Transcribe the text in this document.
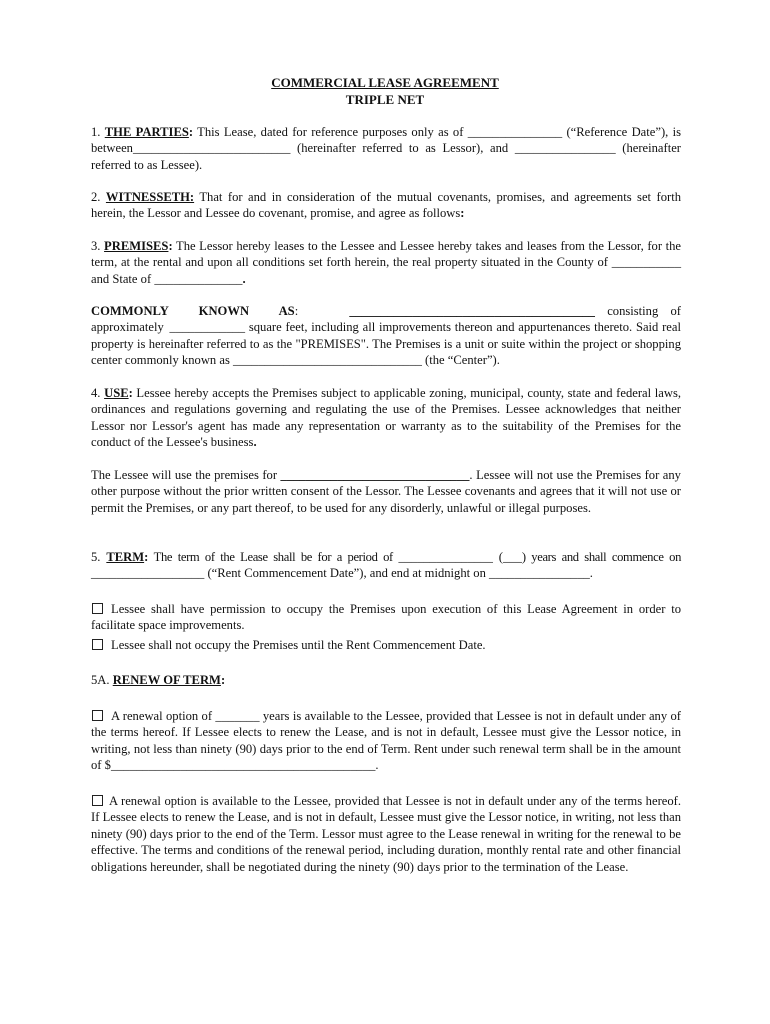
COMMERCIAL LEASE AGREEMENT
TRIPLE NET

1. THE PARTIES: This Lease, dated for reference purposes only as of _______________ (“Reference Date”), is between_________________________ (hereinafter referred to as Lessor), and ________________ (hereinafter referred to as Lessee).

2. WITNESSETH: That for and in consideration of the mutual covenants, promises, and agreements set forth herein, the Lessor and Lessee do covenant, promise, and agree as follows:

3. PREMISES: The Lessor hereby leases to the Lessee and Lessee hereby takes and leases from the Lessor, for the term, at the rental and upon all conditions set forth herein, the real property situated in the County of ___________ and State of ______________.

COMMONLY KNOWN AS:	_______________________________________ consisting of approximately ____________ square feet, including all improvements thereon and appurtenances thereto. Said real property is hereinafter referred to as the "PREMISES". The Premises is a unit or suite within the project or shopping center commonly known as ______________________________ (the “Center”).

4. USE: Lessee hereby accepts the Premises subject to applicable zoning, municipal, county, state and federal laws, ordinances and regulations governing and regulating the use of the Premises. Lessee acknowledges that neither Lessor nor Lessor's agent has made any representation or warranty as to the suitability of the Premises for the conduct of the Lessee's business.

The Lessee will use the premises for ______________________________. Lessee will not use the Premises for any other purpose without the prior written consent of the Lessor. The Lessee covenants and agrees that it will not use or permit the Premises, or any part thereof, to be used for any disorderly, unlawful or illegal purposes.

5. TERM: The term of the Lease shall be for a period of _______________ (___) years and shall commence on __________________ (“Rent Commencement Date”), and end at midnight on ________________.

Lessee shall have permission to occupy the Premises upon execution of this Lease Agreement in order to facilitate space improvements.

Lessee shall not occupy the Premises until the Rent Commencement Date.

5A. RENEW OF TERM:

A renewal option of _______ years is available to the Lessee, provided that Lessee is not in default under any of the terms hereof. If Lessee elects to renew the Lease, and is not in default, Lessee must give the Lessor notice, in writing, not less than ninety (90) days prior to the end of Term. Rent under such renewal term shall be in the amount of $__________________________________________.

A renewal option is available to the Lessee, provided that Lessee is not in default under any of the terms hereof. If Lessee elects to renew the Lease, and is not in default, Lessee must give the Lessor notice, in writing, not less than ninety (90) days prior to the end of the Term. Lessor must agree to the Lease renewal in writing for the renewal to be effective. The terms and conditions of the renewal period, including duration, monthly rental rate and other financial obligations hereunder, shall be negotiated during the ninety (90) days prior to the termination of the Lease.
